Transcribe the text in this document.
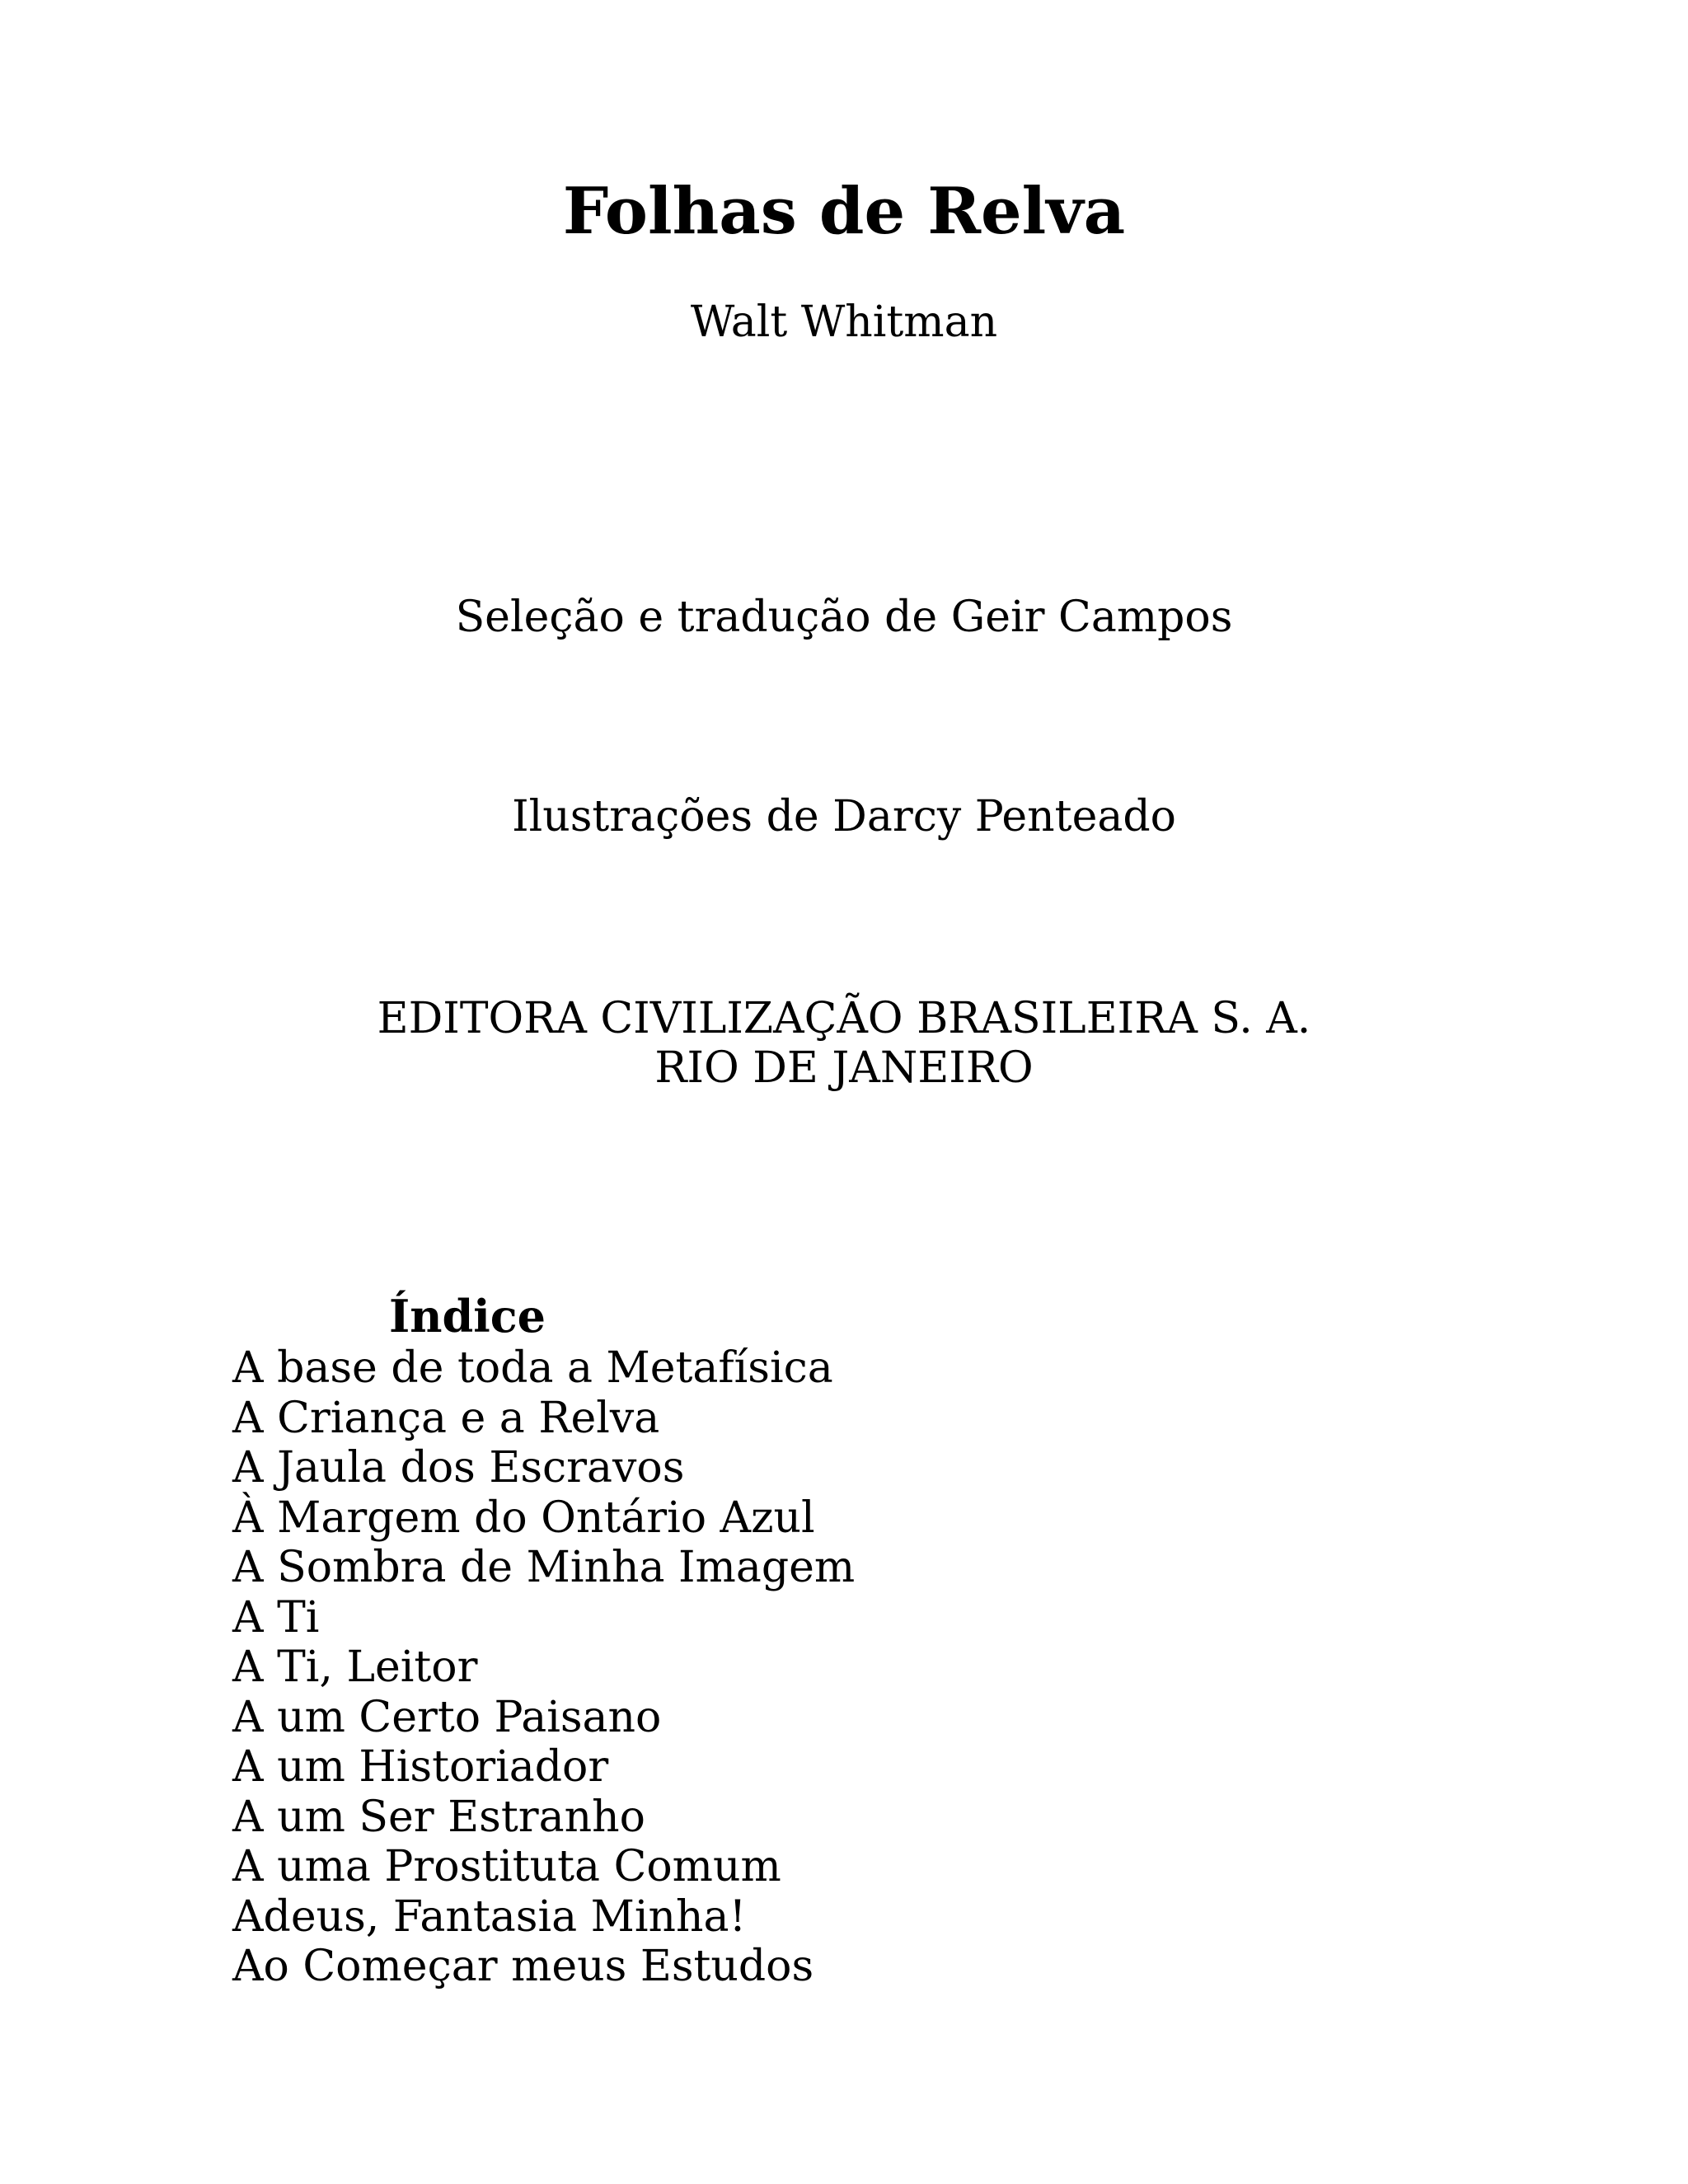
Folhas de Relva
Walt Whitman
Seleção e tradução de Geir Campos
Ilustrações de Darcy Penteado
EDITORA CIVILIZAÇÃO BRASILEIRA S. A.
RIO DE JANEIRO
Índice
A base de toda a Metafísica
A Criança e a Relva
A Jaula dos Escravos
À Margem do Ontário Azul
A Sombra de Minha Imagem
A Ti
A Ti, Leitor
A um Certo Paisano
A um Historiador
A um Ser Estranho
A uma Prostituta Comum
Adeus, Fantasia Minha!
Ao Começar meus Estudos
